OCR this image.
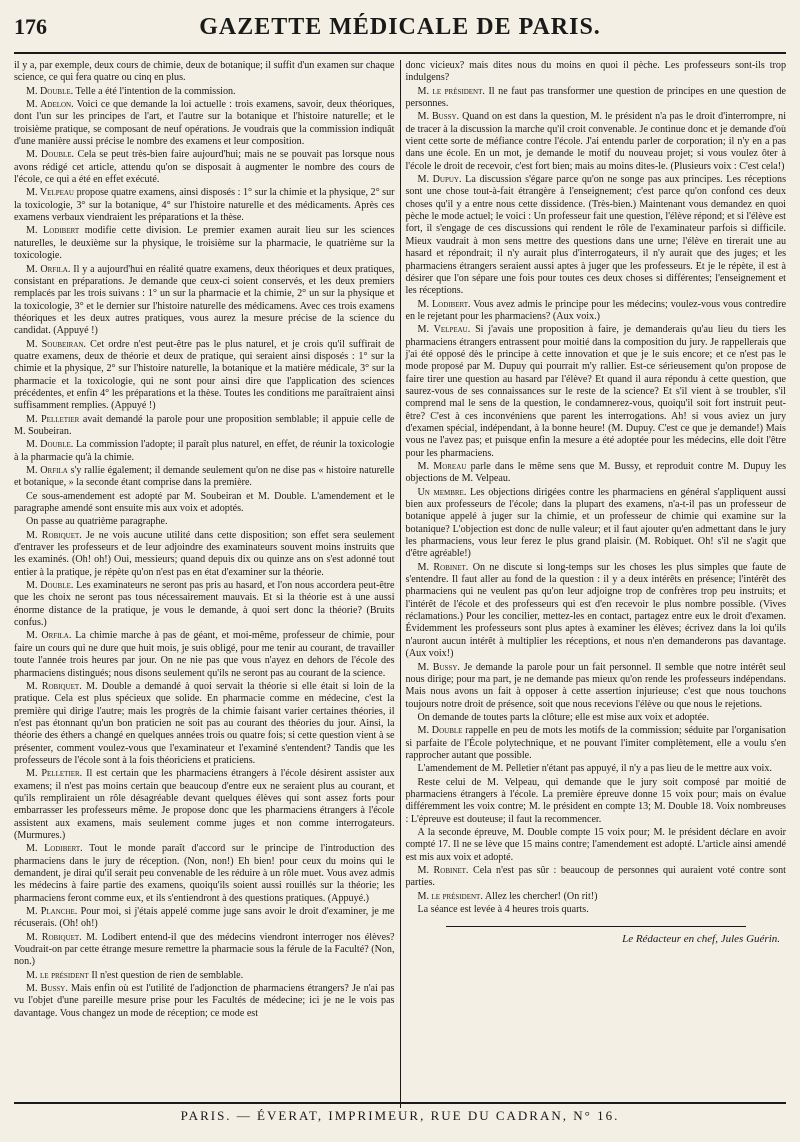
176	GAZETTE MÉDICALE DE PARIS.

il y a, par exemple, deux cours de chimie, deux de botanique; il suffit d'un examen sur chaque science, ce qui fera quatre ou cinq en plus.

M. Double. Telle a été l'intention de la commission.

M. Adelon. Voici ce que demande la loi actuelle : trois examens, savoir, deux théoriques, dont l'un sur les principes de l'art, et l'autre sur la botanique et l'histoire naturelle; et le troisième pratique, se composant de neuf opérations. Je voudrais que la commission indiquât d'une manière aussi précise le nombre des examens et leur composition.

M. Double. Cela se peut très-bien faire aujourd'hui; mais ne se pouvait pas lorsque nous avons rédigé cet article, attendu qu'on se disposait à augmenter le nombre des cours de l'école, ce qui a été en effet exécuté.

M. Velpeau propose quatre examens, ainsi disposés : 1° sur la chimie et la physique, 2° sur la toxicologie, 3° sur la botanique, 4° sur l'histoire naturelle et des médicaments. Après ces examens verbaux viendraient les préparations et la thèse.

M. Lodibert modifie cette division. Le premier examen aurait lieu sur les sciences naturelles, le deuxième sur la physique, le troisième sur la pharmacie, le quatrième sur la toxicologie.

M. Orfila. Il y a aujourd'hui en réalité quatre examens, deux théoriques et deux pratiques, consistant en préparations. Je demande que ceux-ci soient conservés, et les deux premiers remplacés par les trois suivans : 1° un sur la pharmacie et la chimie, 2° un sur la physique et la toxicologie, 3° et le dernier sur l'histoire naturelle des médicamens. Avec ces trois examens théoriques et les deux autres pratiques, vous aurez la mesure précise de la science du candidat. (Appuyé !)

M. Soubeiran. Cet ordre n'est peut-être pas le plus naturel, et je crois qu'il suffirait de quatre examens, deux de théorie et deux de pratique, qui seraient ainsi disposés : 1° sur la chimie et la physique, 2° sur l'histoire naturelle, la botanique et la matière médicale, 3° sur la pharmacie et la toxicologie, qui ne sont pour ainsi dire que l'application des sciences précédentes, et enfin 4° les préparations et la thèse. Toutes les conditions me paraîtraient ainsi suffisamment remplies. (Appuyé !)

M. Pelletier avait demandé la parole pour une proposition semblable; il appuie celle de M. Soubeiran.

M. Double. La commission l'adopte; il paraît plus naturel, en effet, de réunir la toxicologie à la pharmacie qu'à la chimie.

M. Orfila s'y rallie également; il demande seulement qu'on ne dise pas « histoire naturelle et botanique, » la seconde étant comprise dans la première.

Ce sous-amendement est adopté par M. Soubeiran et M. Double. L'amendement et le paragraphe amendé sont ensuite mis aux voix et adoptés.

On passe au quatrième paragraphe.

M. Robiquet. Je ne vois aucune utilité dans cette disposition; son effet sera seulement d'entraver les professeurs et de leur adjoindre des examinateurs souvent moins instruits que les examinés. (Oh! oh!) Oui, messieurs; quand depuis dix ou quinze ans on s'est adonné tout entier à la pratique, je répète qu'on n'est pas en état d'examiner sur la théorie.

M. Double. Les examinateurs ne seront pas pris au hasard, et l'on nous accordera peut-être que les choix ne seront pas tous nécessairement mauvais. Et si la théorie est à une aussi énorme distance de la pratique, je vous le demande, à quoi sert donc la théorie? (Bruits confus.)

M. Orfila. La chimie marche à pas de géant, et moi-même, professeur de chimie, pour faire un cours qui ne dure que huit mois, je suis obligé, pour me tenir au courant, de travailler toute l'année trois heures par jour. On ne nie pas que vous n'ayez en dehors de l'école des pharmaciens distingués; nous disons seulement qu'ils ne seront pas au courant de la science.

M. Robiquet. M. Double a demandé à quoi servait la théorie si elle était si loin de la pratique. Cela est plus spécieux que solide. En pharmacie comme en médecine, c'est la première qui dirige l'autre; mais les progrès de la chimie faisant varier certaines théories, il n'est pas étonnant qu'un bon praticien ne soit pas au courant des théories du jour. Ainsi, la théorie des éthers a changé en quelques années trois ou quatre fois; si cette question vient à se présenter, comment voulez-vous que l'examinateur et l'examiné s'entendent? Tandis que les professeurs de l'école sont à la fois théoriciens et praticiens.

M. Pelletier. Il est certain que les pharmaciens étrangers à l'école désirent assister aux examens; il n'est pas moins certain que beaucoup d'entre eux ne seraient plus au courant, et qu'ils rempliraient un rôle désagréable devant quelques élèves qui sont assez forts pour embarrasser les professeurs même. Je propose donc que les pharmaciens étrangers à l'école assistent aux examens, mais seulement comme juges et non comme interrogateurs. (Murmures.)

M. Lodibert. Tout le monde paraît d'accord sur le principe de l'introduction des pharmaciens dans le jury de réception. (Non, non!) Eh bien! pour ceux du moins qui le demandent, je dirai qu'il serait peu convenable de les réduire à un rôle muet. Vous avez admis les médecins à faire partie des examens, quoiqu'ils soient aussi rouillés sur la théorie; les pharmaciens feront comme eux, et ils s'entiendront à des questions pratiques. (Appuyé.)

M. Planche. Pour moi, si j'étais appelé comme juge sans avoir le droit d'examiner, je me récuserais. (Oh! oh!)

M. Robiquet. M. Lodibert entend-il que des médecins viendront interroger nos élèves? Voudrait-on par cette étrange mesure remettre la pharmacie sous la férule de la Faculté? (Non, non.)

M. le président Il n'est question de rien de semblable.

M. Bussy. Mais enfin où est l'utilité de l'adjonction de pharmaciens étrangers? Je n'ai pas vu l'objet d'une pareille mesure prise pour les Facultés de médecine; ici je ne le vois pas davantage. Vous changez un mode de réception; ce mode est

donc vicieux? mais dites nous du moins en quoi il pèche. Les professeurs sont-ils trop indulgens?

M. le président. Il ne faut pas transformer une question de principes en une question de personnes.

M. Bussy. Quand on est dans la question, M. le président n'a pas le droit d'interrompre, ni de tracer à la discussion la marche qu'il croit convenable. Je continue donc et je demande d'où vient cette sorte de méfiance contre l'école. J'ai entendu parler de corporation; il n'y en a pas dans une école. En un mot, je demande le motif du nouveau projet; si vous voulez ôter à l'école le droit de recevoir, c'est fort bien; mais au moins dites-le. (Plusieurs voix : C'est cela!)

M. Dupuy. La discussion s'égare parce qu'on ne songe pas aux principes. Les réceptions sont une chose tout-à-fait étrangère à l'enseignement; c'est parce qu'on confond ces deux choses qu'il y a entre nous cette dissidence. (Très-bien.) Maintenant vous demandez en quoi pèche le mode actuel; le voici : Un professeur fait une question, l'élève répond; et si l'élève est fort, il s'engage de ces discussions qui rendent le rôle de l'examinateur parfois si difficile. Mieux vaudrait à mon sens mettre des questions dans une urne; l'élève en tirerait une au hasard et répondrait; il n'y aurait plus d'interrogateurs, il n'y aurait que des juges; et les pharmaciens étrangers seraient aussi aptes à juger que les professeurs. Et je le répète, il est à désirer que l'on sépare une fois pour toutes ces deux choses si différentes; l'enseignement et les réceptions.

M. Lodibert. Vous avez admis le principe pour les médecins; voulez-vous vous contredire en le rejetant pour les pharmaciens? (Aux voix.)

M. Velpeau. Si j'avais une proposition à faire, je demanderais qu'au lieu du tiers les pharmaciens étrangers entrassent pour moitié dans la composition du jury. Je rappellerais que j'ai été opposé dès le principe à cette innovation et que je le suis encore; et ce n'est pas le mode proposé par M. Dupuy qui pourrait m'y rallier. Est-ce sérieusement qu'on propose de faire tirer une question au hasard par l'élève? Et quand il aura répondu à cette question, que saurez-vous de ses connaissances sur le reste de la science? Et s'il vient à se troubler, s'il comprend mal le sens de la question, le condamnerez-vous, quoiqu'il soit fort instruit peut-être? C'est à ces inconvéniens que parent les interrogations. Ah! si vous aviez un jury d'examen spécial, indépendant, à la bonne heure! (M. Dupuy. C'est ce que je demande!) Mais vous ne l'avez pas; et puisque enfin la mesure a été adoptée pour les médecins, elle doit l'être pour les pharmaciens.

M. Moreau parle dans le même sens que M. Bussy, et reproduit contre M. Dupuy les objections de M. Velpeau.

Un membre. Les objections dirigées contre les pharmaciens en général s'appliquent aussi bien aux professeurs de l'école; dans la plupart des examens, n'a-t-il pas un professeur de botanique appelé à juger sur la chimie, et un professeur de chimie qui examine sur la botanique? L'objection est donc de nulle valeur; et il faut ajouter qu'en admettant dans le jury les pharmaciens, vous leur ferez le plus grand plaisir. (M. Robiquet. Oh! s'il ne s'agit que d'être agréable!)

M. Robinet. On ne discute si long-temps sur les choses les plus simples que faute de s'entendre. Il faut aller au fond de la question : il y a deux intérêts en présence; l'intérêt des pharmaciens qui ne veulent pas qu'on leur adjoigne trop de confrères trop peu instruits; et l'intérêt de l'école et des professeurs qui est d'en recevoir le plus nombre possible. (Vives réclamations.) Pour les concilier, mettez-les en contact, partagez entre eux le droit d'examen. Évidemment les professeurs sont plus aptes à examiner les élèves; écrivez dans la loi qu'ils n'auront aucun intérêt à multiplier les réceptions, et nous n'en demanderons pas davantage. (Aux voix!)

M. Bussy. Je demande la parole pour un fait personnel. Il semble que notre intérêt seul nous dirige; pour ma part, je ne demande pas mieux qu'on rende les professeurs indépendans. Mais nous avons un fait à opposer à cette assertion injurieuse; c'est que nous touchons toujours notre droit de présence, soit que nous recevions l'élève ou que nous le rejetions.

On demande de toutes parts la clôture; elle est mise aux voix et adoptée.

M. Double rappelle en peu de mots les motifs de la commission; séduite par l'organisation si parfaite de l'École polytechnique, et ne pouvant l'imiter complètement, elle a voulu s'en rapprocher autant que possible.

L'amendement de M. Pelletier n'étant pas appuyé, il n'y a pas lieu de le mettre aux voix.

Reste celui de M. Velpeau, qui demande que le jury soit composé par moitié de pharmaciens étrangers à l'école. La première épreuve donne 15 voix pour; mais on évalue différemment les voix contre; M. le président en compte 13; M. Double 18. Voix nombreuses : L'épreuve est douteuse; il faut la recommencer.

A la seconde épreuve, M. Double compte 15 voix pour; M. le président déclare en avoir compté 17. Il ne se lève que 15 mains contre; l'amendement est adopté. L'article ainsi amendé est mis aux voix et adopté.

M. Robinet. Cela n'est pas sûr : beaucoup de personnes qui auraient voté contre sont parties.

M. le président. Allez les chercher! (On rit!)

La séance est levée à 4 heures trois quarts.

Le Rédacteur en chef, Jules Guérin.
PARIS. — ÉVERAT, IMPRIMEUR, RUE DU CADRAN, N° 16.
